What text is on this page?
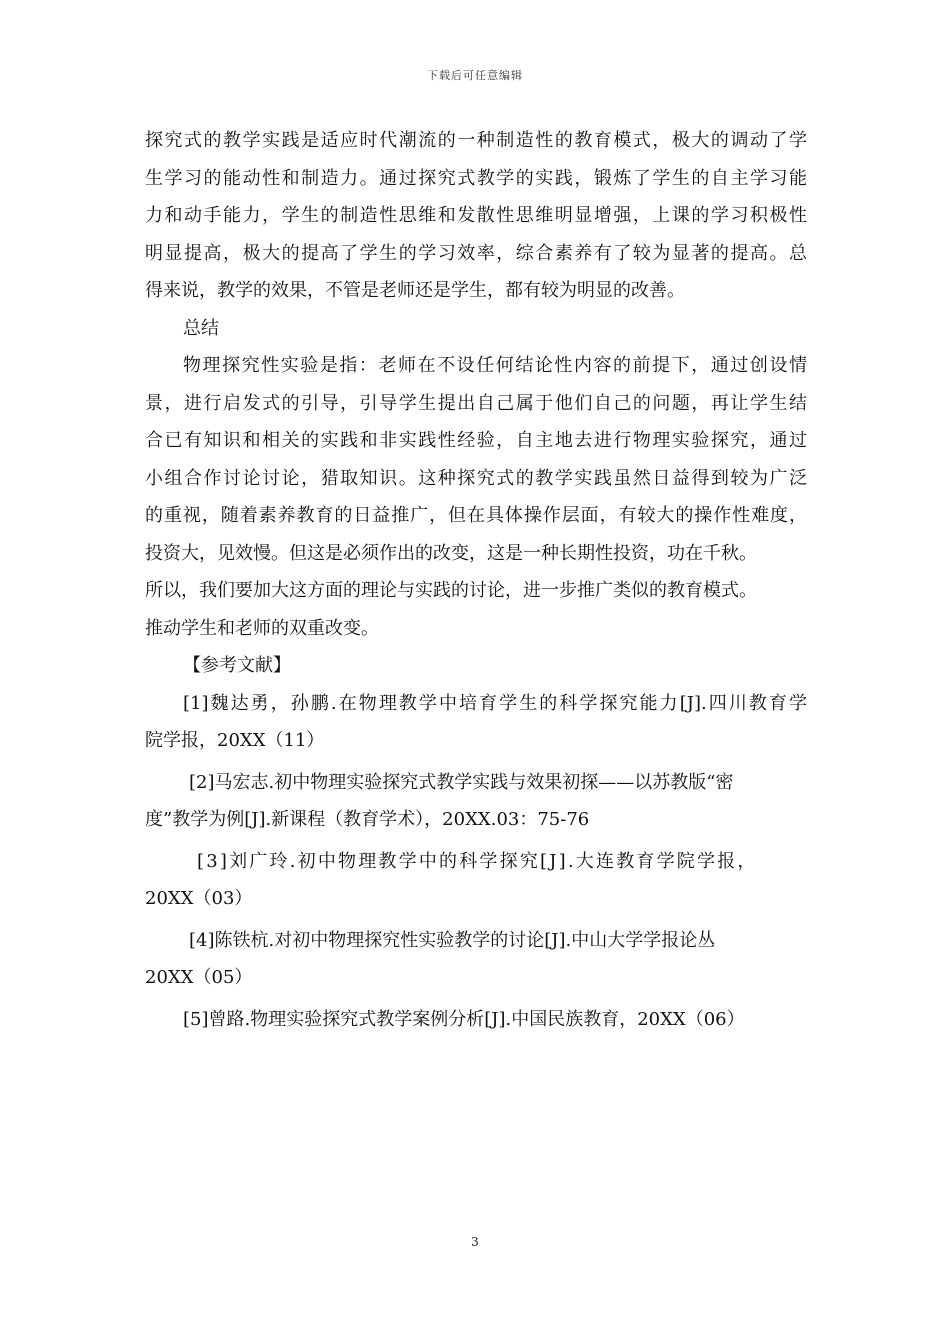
下载后可任意编辑
探究式的教学实践是适应时代潮流的一种制造性的教育模式，极大的调动了学
生学习的能动性和制造力。通过探究式教学的实践，锻炼了学生的自主学习能
力和动手能力，学生的制造性思维和发散性思维明显增强，上课的学习积极性
明显提高，极大的提高了学生的学习效率，综合素养有了较为显著的提高。总
得来说，教学的效果，不管是老师还是学生，都有较为明显的改善。
总结
物理探究性实验是指：老师在不设任何结论性内容的前提下，通过创设情
景，进行启发式的引导，引导学生提出自己属于他们自己的问题，再让学生结
合已有知识和相关的实践和非实践性经验，自主地去进行物理实验探究，通过
小组合作讨论讨论，猎取知识。这种探究式的教学实践虽然日益得到较为广泛
的重视，随着素养教育的日益推广，但在具体操作层面，有较大的操作性难度，
投资大，见效慢。但这是必须作出的改变，这是一种长期性投资，功在千秋。
所以，我们要加大这方面的理论与实践的讨论，进一步推广类似的教育模式。
推动学生和老师的双重改变。
【参考文献】
[1]魏达勇，孙鹏.在物理教学中培育学生的科学探究能力[J].四川教育学
院学报，20XX（11）
[2]马宏志.初中物理实验探究式教学实践与效果初探——以苏教版“密
度”教学为例[J].新课程（教育学术），20XX.03：75-76
[3]刘广玲.初中物理教学中的科学探究[J].大连教育学院学报，
20XX（03）
[4]陈铁杭.对初中物理探究性实验教学的讨论[J].中山大学学报论丛
20XX（05）
[5]曾路.物理实验探究式教学案例分析[J].中国民族教育，20XX（06）
3
